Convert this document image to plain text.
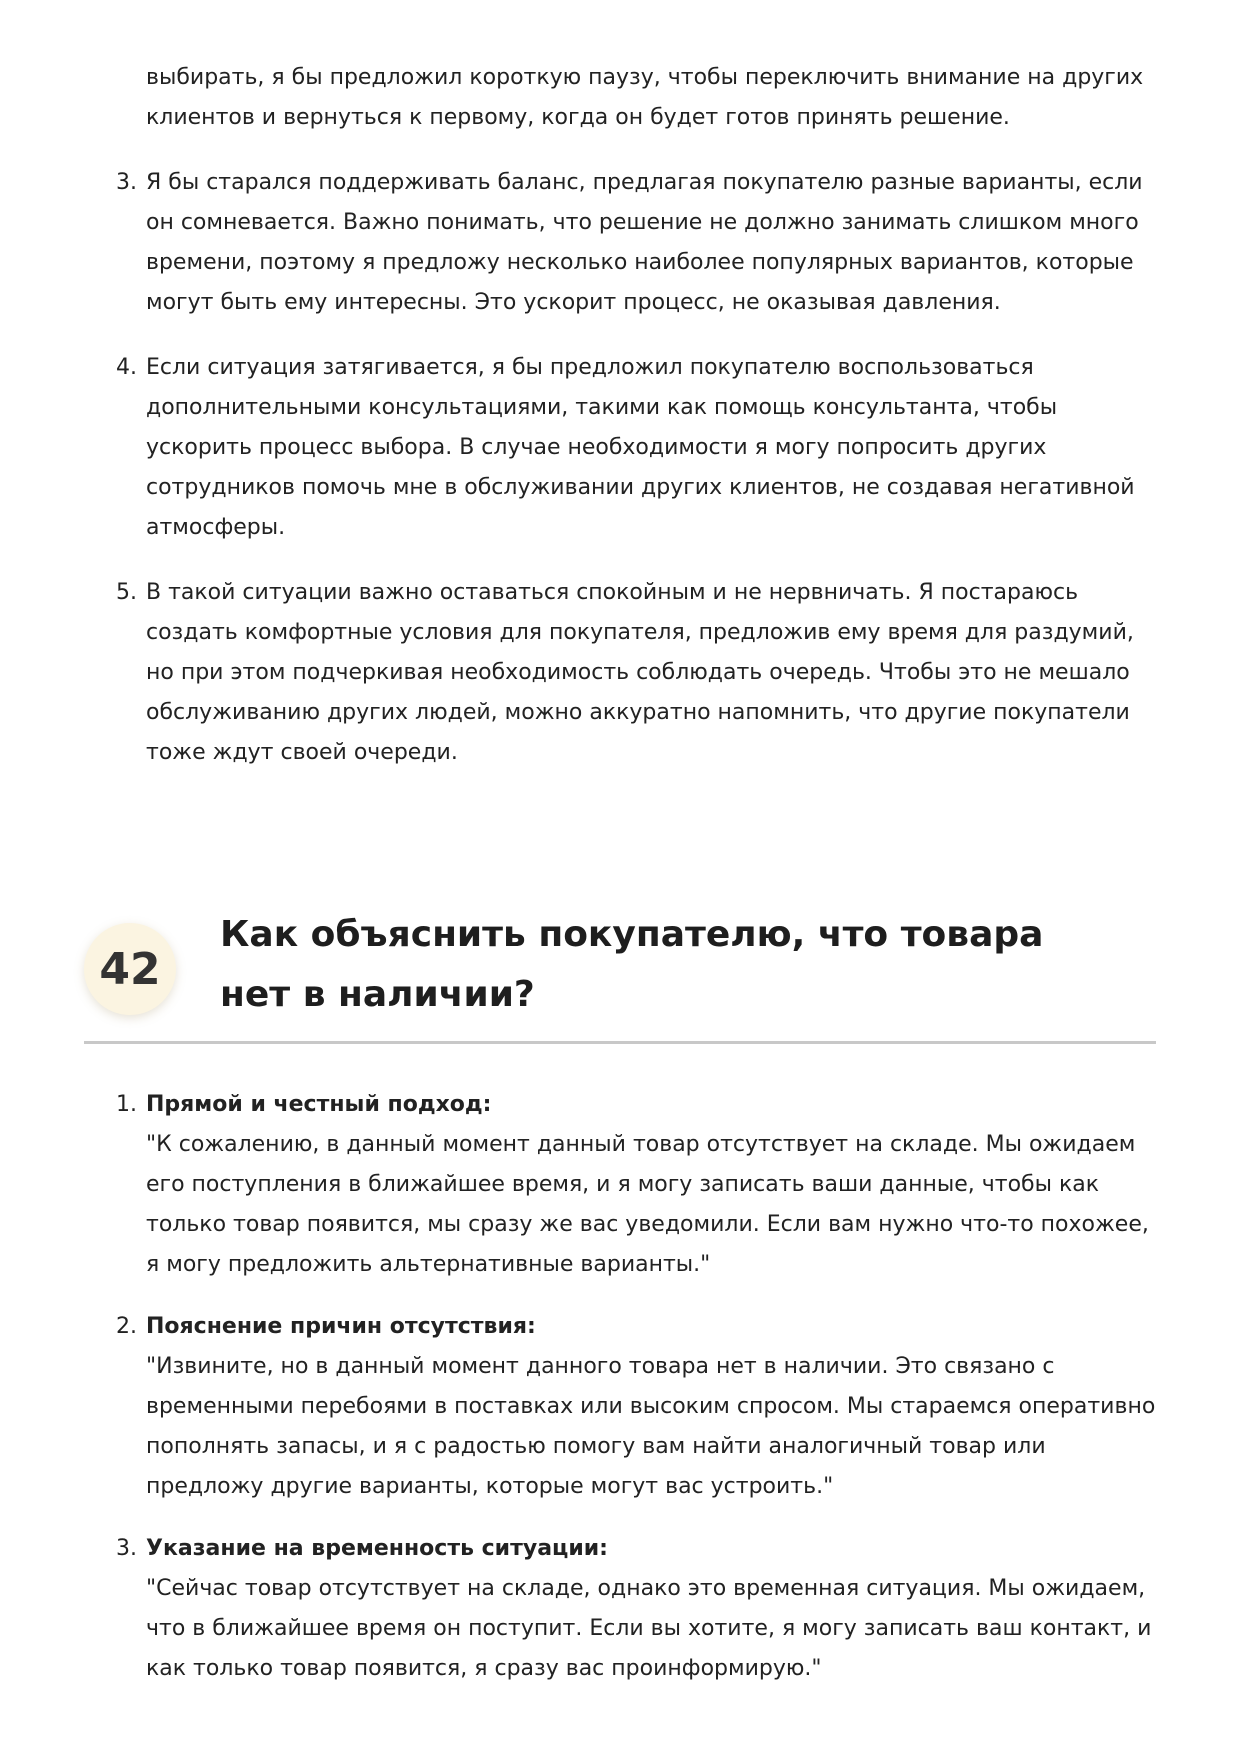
выбирать, я бы предложил короткую паузу, чтобы переключить внимание на других клиентов и вернуться к первому, когда он будет готов принять решение.
3. Я бы старался поддерживать баланс, предлагая покупателю разные варианты, если он сомневается. Важно понимать, что решение не должно занимать слишком много времени, поэтому я предложу несколько наиболее популярных вариантов, которые могут быть ему интересны. Это ускорит процесс, не оказывая давления.
4. Если ситуация затягивается, я бы предложил покупателю воспользоваться дополнительными консультациями, такими как помощь консультанта, чтобы ускорить процесс выбора. В случае необходимости я могу попросить других сотрудников помочь мне в обслуживании других клиентов, не создавая негативной атмосферы.
5. В такой ситуации важно оставаться спокойным и не нервничать. Я постараюсь создать комфортные условия для покупателя, предложив ему время для раздумий, но при этом подчеркивая необходимость соблюдать очередь. Чтобы это не мешало обслуживанию других людей, можно аккуратно напомнить, что другие покупатели тоже ждут своей очереди.
42
Как объяснить покупателю, что товара нет в наличии?
1. Прямой и честный подход:
"К сожалению, в данный момент данный товар отсутствует на складе. Мы ожидаем его поступления в ближайшее время, и я могу записать ваши данные, чтобы как только товар появится, мы сразу же вас уведомили. Если вам нужно что-то похожее, я могу предложить альтернативные варианты."
2. Пояснение причин отсутствия:
"Извините, но в данный момент данного товара нет в наличии. Это связано с временными перебоями в поставках или высоким спросом. Мы стараемся оперативно пополнять запасы, и я с радостью помогу вам найти аналогичный товар или предложу другие варианты, которые могут вас устроить."
3. Указание на временность ситуации:
"Сейчас товар отсутствует на складе, однако это временная ситуация. Мы ожидаем, что в ближайшее время он поступит. Если вы хотите, я могу записать ваш контакт, и как только товар появится, я сразу вас проинформирую."
